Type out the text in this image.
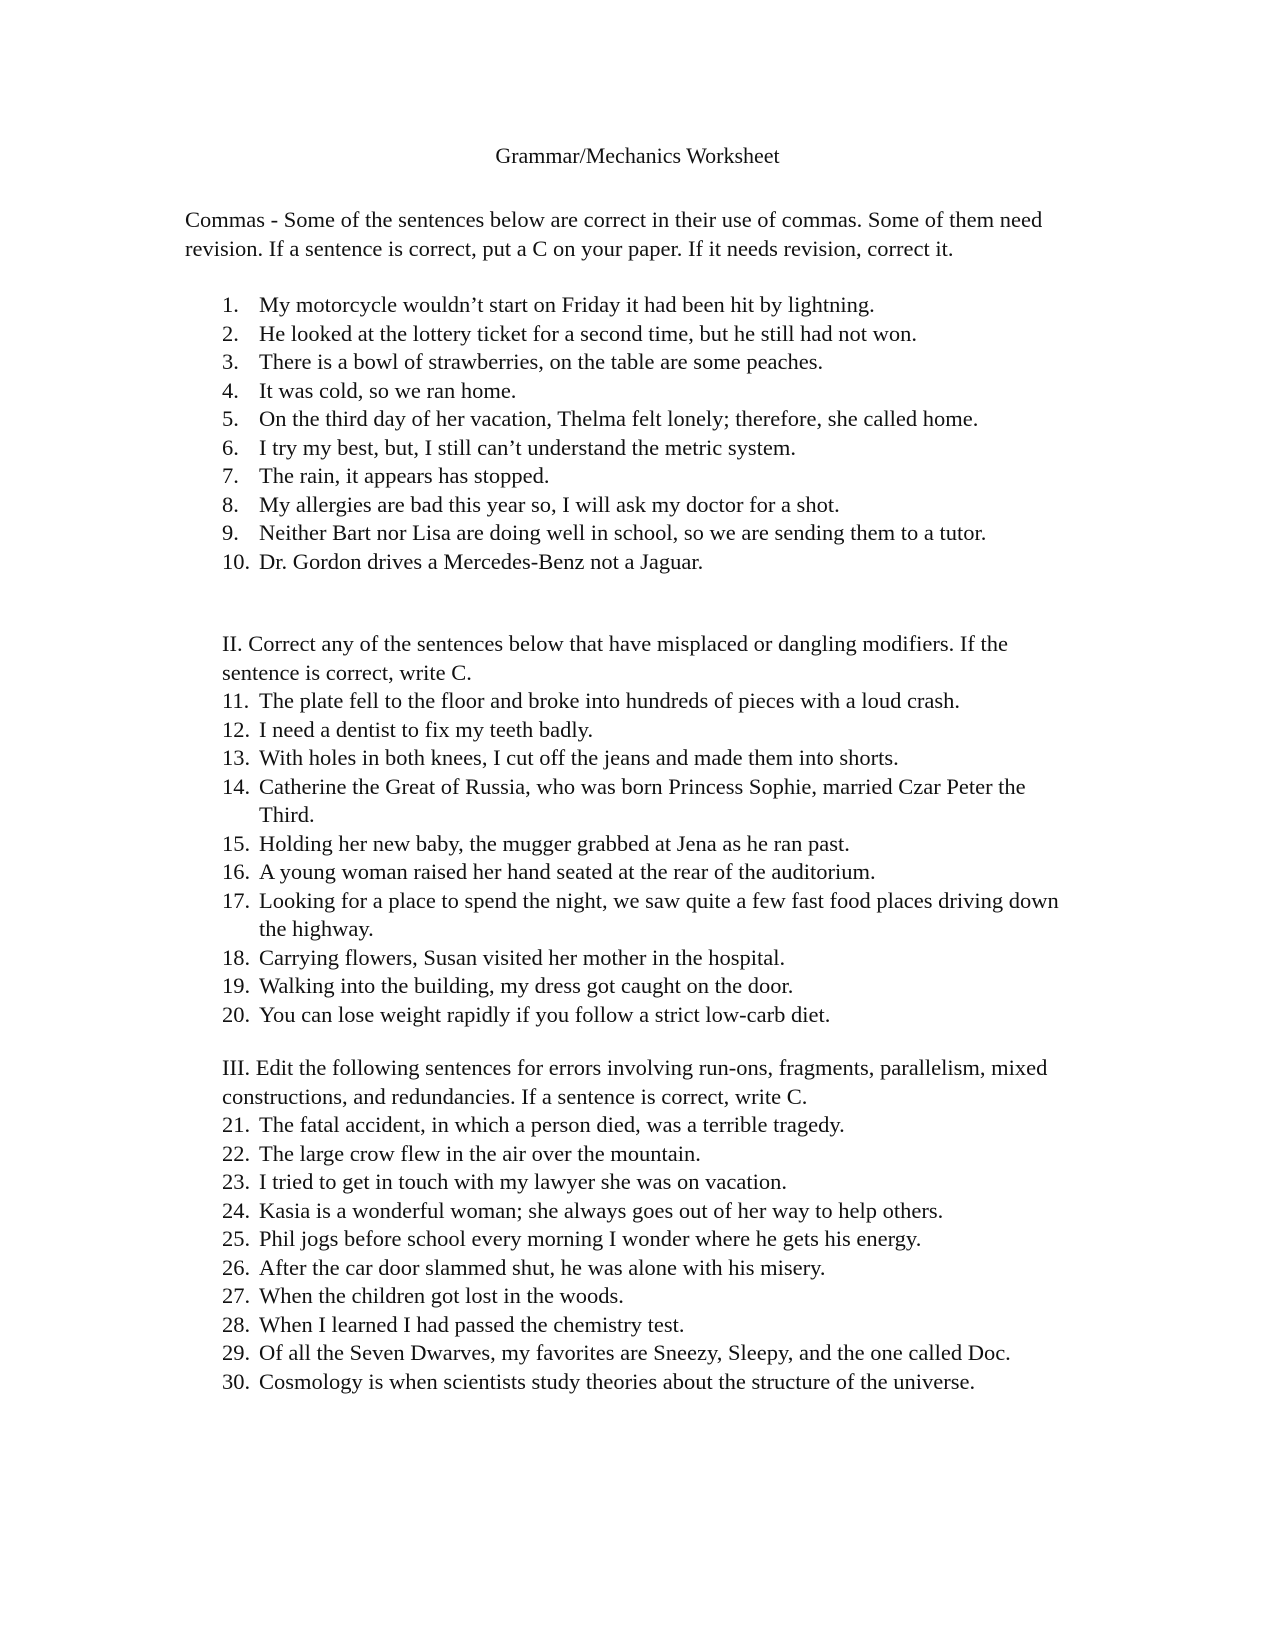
Grammar/Mechanics Worksheet
Commas - Some of the sentences below are correct in their use of commas. Some of them need revision. If a sentence is correct, put a C on your paper. If it needs revision, correct it.
1. My motorcycle wouldn’t start on Friday it had been hit by lightning.
2. He looked at the lottery ticket for a second time, but he still had not won.
3. There is a bowl of strawberries, on the table are some peaches.
4. It was cold, so we ran home.
5. On the third day of her vacation, Thelma felt lonely; therefore, she called home.
6. I try my best, but, I still can’t understand the metric system.
7. The rain, it appears has stopped.
8. My allergies are bad this year so, I will ask my doctor for a shot.
9. Neither Bart nor Lisa are doing well in school, so we are sending them to a tutor.
10. Dr. Gordon drives a Mercedes-Benz not a Jaguar.
II. Correct any of the sentences below that have misplaced or dangling modifiers. If the sentence is correct, write C.
11. The plate fell to the floor and broke into hundreds of pieces with a loud crash.
12. I need a dentist to fix my teeth badly.
13. With holes in both knees, I cut off the jeans and made them into shorts.
14. Catherine the Great of Russia, who was born Princess Sophie, married Czar Peter the Third.
15. Holding her new baby, the mugger grabbed at Jena as he ran past.
16. A young woman raised her hand seated at the rear of the auditorium.
17. Looking for a place to spend the night, we saw quite a few fast food places driving down the highway.
18. Carrying flowers, Susan visited her mother in the hospital.
19. Walking into the building, my dress got caught on the door.
20. You can lose weight rapidly if you follow a strict low-carb diet.
III. Edit the following sentences for errors involving run-ons, fragments, parallelism, mixed constructions, and redundancies. If a sentence is correct, write C.
21. The fatal accident, in which a person died, was a terrible tragedy.
22. The large crow flew in the air over the mountain.
23. I tried to get in touch with my lawyer she was on vacation.
24. Kasia is a wonderful woman; she always goes out of her way to help others.
25. Phil jogs before school every morning I wonder where he gets his energy.
26. After the car door slammed shut, he was alone with his misery.
27. When the children got lost in the woods.
28. When I learned I had passed the chemistry test.
29. Of all the Seven Dwarves, my favorites are Sneezy, Sleepy, and the one called Doc.
30. Cosmology is when scientists study theories about the structure of the universe.
